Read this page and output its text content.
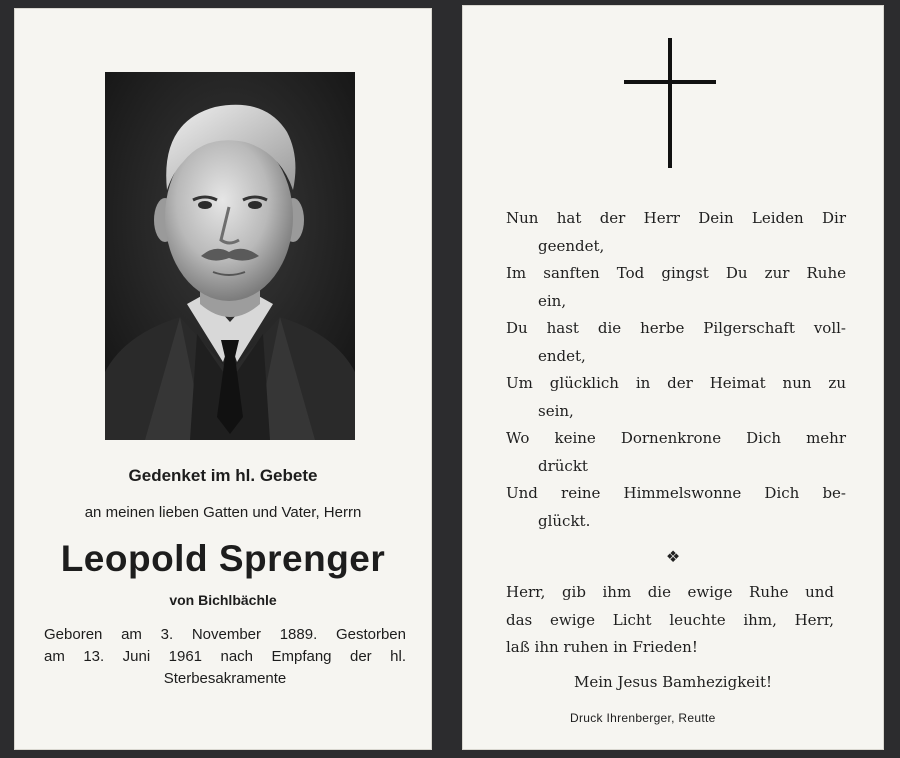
Gedenket im hl. Gebete
an meinen lieben Gatten und Vater, Herrn
Leopold Sprenger
von Bichlbächle
Geboren am 3. November 1889. Gestorben
am 13. Juni 1961 nach Empfang der hl.
Sterbesakramente
Nun hat der Herr Dein Leiden Dir
geendet,
Im sanften Tod gingst Du zur Ruhe
ein,
Du hast die herbe Pilgerschaft voll-
endet,
Um glücklich in der Heimat nun zu
sein,
Wo keine Dornenkrone Dich mehr
drückt
Und reine Himmelswonne Dich be-
glückt.
❖
Herr, gib ihm die ewige Ruhe und
das ewige Licht leuchte ihm, Herr,
laß ihn ruhen in Frieden!
Mein Jesus Bamhezigkeit!
Druck Ihrenberger, Reutte
